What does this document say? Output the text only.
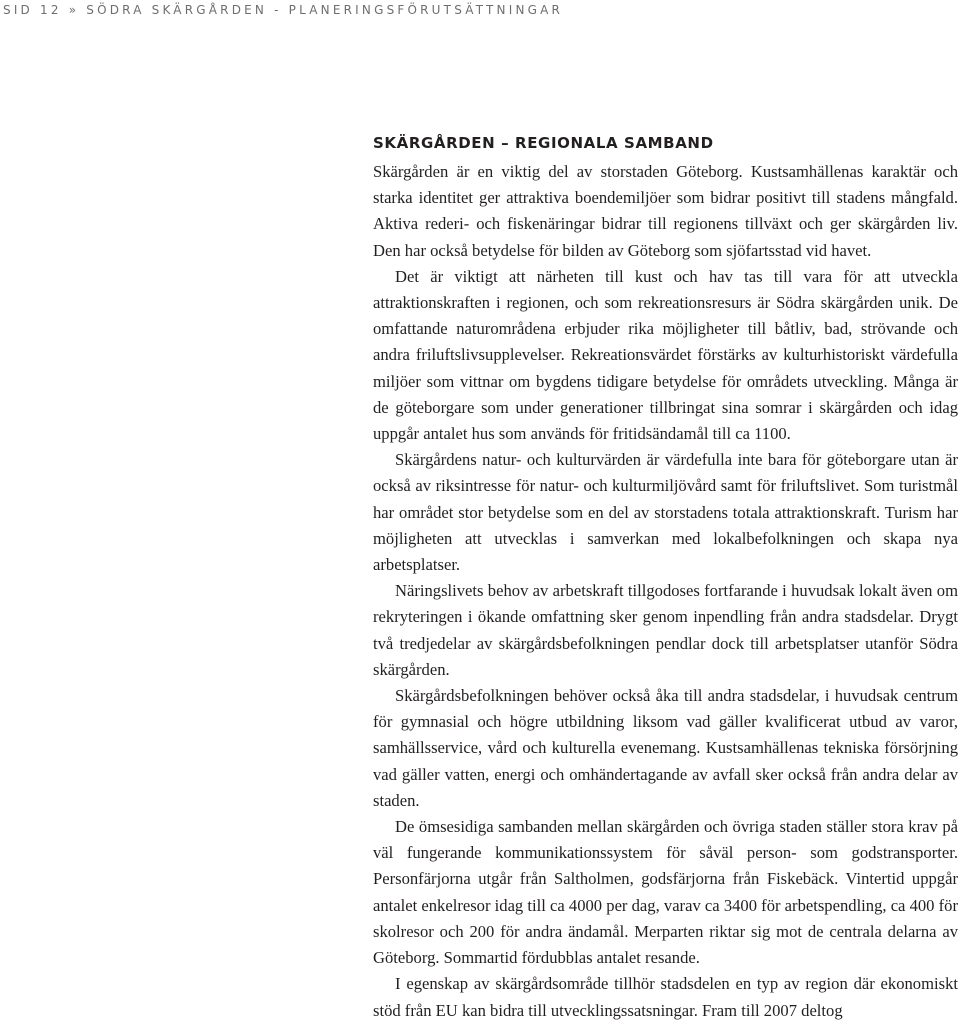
SID 12 » SÖDRA SKÄRGÅRDEN - PLANERINGSFÖRUTSÄTTNINGAR
SKÄRGÅRDEN – REGIONALA SAMBAND

Skärgården är en viktig del av storstaden Göteborg. Kustsamhällenas karaktär och starka identitet ger attraktiva boendemiljöer som bidrar positivt till stadens mångfald. Aktiva rederi- och fiskenäringar bidrar till regionens tillväxt och ger skärgården liv. Den har också betydelse för bilden av Göteborg som sjöfartsstad vid havet.

Det är viktigt att närheten till kust och hav tas till vara för att utveckla attraktionskraften i regionen, och som rekreationsresurs är Södra skärgården unik. De omfattande naturområdena erbjuder rika möjligheter till båtliv, bad, strövande och andra friluftslivsupplevelser. Rekreationsvärdet förstärks av kulturhistoriskt värdefulla miljöer som vittnar om bygdens tidigare betydelse för områdets utveckling. Många är de göteborgare som under generationer tillbringat sina somrar i skärgården och idag uppgår antalet hus som används för fritidsändamål till ca 1100.

Skärgårdens natur- och kulturvärden är värdefulla inte bara för göteborgare utan är också av riksintresse för natur- och kulturmiljövård samt för friluftslivet. Som turistmål har området stor betydelse som en del av storstadens totala attraktionskraft. Turism har möjligheten att utvecklas i samverkan med lokalbefolkningen och skapa nya arbetsplatser.

Näringslivets behov av arbetskraft tillgodoses fortfarande i huvudsak lokalt även om rekryteringen i ökande omfattning sker genom inpendling från andra stadsdelar. Drygt två tredjedelar av skärgårdsbefolkningen pendlar dock till arbetsplatser utanför Södra skärgården.

Skärgårdsbefolkningen behöver också åka till andra stadsdelar, i huvudsak centrum för gymnasial och högre utbildning liksom vad gäller kvalificerat utbud av varor, samhällsservice, vård och kulturella evenemang. Kustsamhällenas tekniska försörjning vad gäller vatten, energi och omhändertagande av avfall sker också från andra delar av staden.

De ömsesidiga sambanden mellan skärgården och övriga staden ställer stora krav på väl fungerande kommunikationssystem för såväl person- som godstransporter. Personfärjorna utgår från Saltholmen, godsfärjorna från Fiskebäck. Vintertid uppgår antalet enkelresor idag till ca 4000 per dag, varav ca 3400 för arbetspendling, ca 400 för skolresor och 200 för andra ändamål. Merparten riktar sig mot de centrala delarna av Göteborg. Sommartid fördubblas antalet resande.

I egenskap av skärgårdsområde tillhör stadsdelen en typ av region där ekonomiskt stöd från EU kan bidra till utvecklingssatsningar. Fram till 2007 deltog
